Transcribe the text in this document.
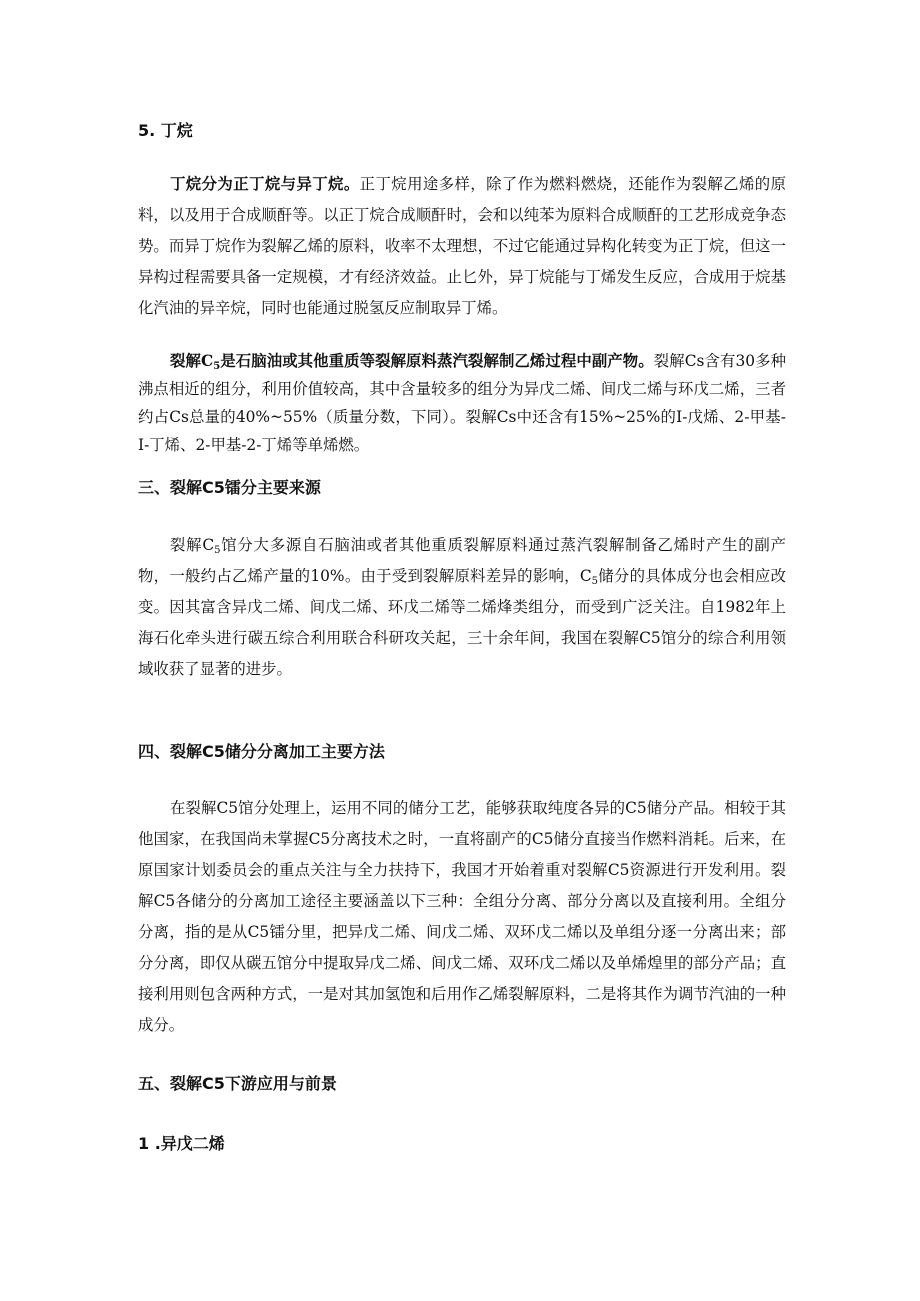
5. 丁烷

丁烷分为正丁烷与异丁烷。正丁烷用途多样，除了作为燃料燃烧，还能作为裂解乙烯的原料，以及用于合成顺酐等。以正丁烷合成顺酐时，会和以纯苯为原料合成顺酐的工艺形成竞争态势。而异丁烷作为裂解乙烯的原料，收率不太理想，不过它能通过异构化转变为正丁烷，但这一异构过程需要具备一定规模，才有经济效益。止匕外，异丁烷能与丁烯发生反应，合成用于烷基化汽油的异辛烷，同时也能通过脱氢反应制取异丁烯。

裂解$C_5$是石脑油或其他重质等裂解原料蒸汽裂解制乙烯过程中副产物。裂解Cs含有30多种沸点相近的组分，利用价值较高，其中含量较多的组分为异戊二烯、间戊二烯与环戊二烯，三者约占Cs总量的40%~55%（质量分数，下同）。裂解Cs中还含有15%~25%的I-戊烯、2-甲基-I-丁烯、2-甲基-2-丁烯等单烯燃。

三、裂解C5镭分主要来源

裂解$C_5$馆分大多源自石脑油或者其他重质裂解原料通过蒸汽裂解制备乙烯时产生的副产物，一般约占乙烯产量的10%。由于受到裂解原料差异的影响，$C_5$储分的具体成分也会相应改变。因其富含异戊二烯、间戊二烯、环戊二烯等二烯烽类组分，而受到广泛关注。自1982年上海石化牵头进行碳五综合利用联合科研攻关起，三十余年间，我国在裂解C5馆分的综合利用领域收获了显著的进步。

四、裂解C5储分分离加工主要方法

在裂解C5馆分处理上，运用不同的储分工艺，能够获取纯度各异的C5储分产品。相较于其他国家，在我国尚未掌握C5分离技术之时，一直将副产的C5储分直接当作燃料消耗。后来，在原国家计划委员会的重点关注与全力扶持下，我国才开始着重对裂解C5资源进行开发利用。裂解C5各储分的分离加工途径主要涵盖以下三种：全组分分离、部分分离以及直接利用。全组分分离，指的是从C5镭分里，把异戊二烯、间戊二烯、双环戊二烯以及单组分逐一分离出来；部分分离，即仅从碳五馆分中提取异戊二烯、间戊二烯、双环戊二烯以及单烯煌里的部分产品；直接利用则包含两种方式，一是对其加氢饱和后用作乙烯裂解原料，二是将其作为调节汽油的一种成分。

五、裂解C5下游应用与前景
1 .异戊二烯
